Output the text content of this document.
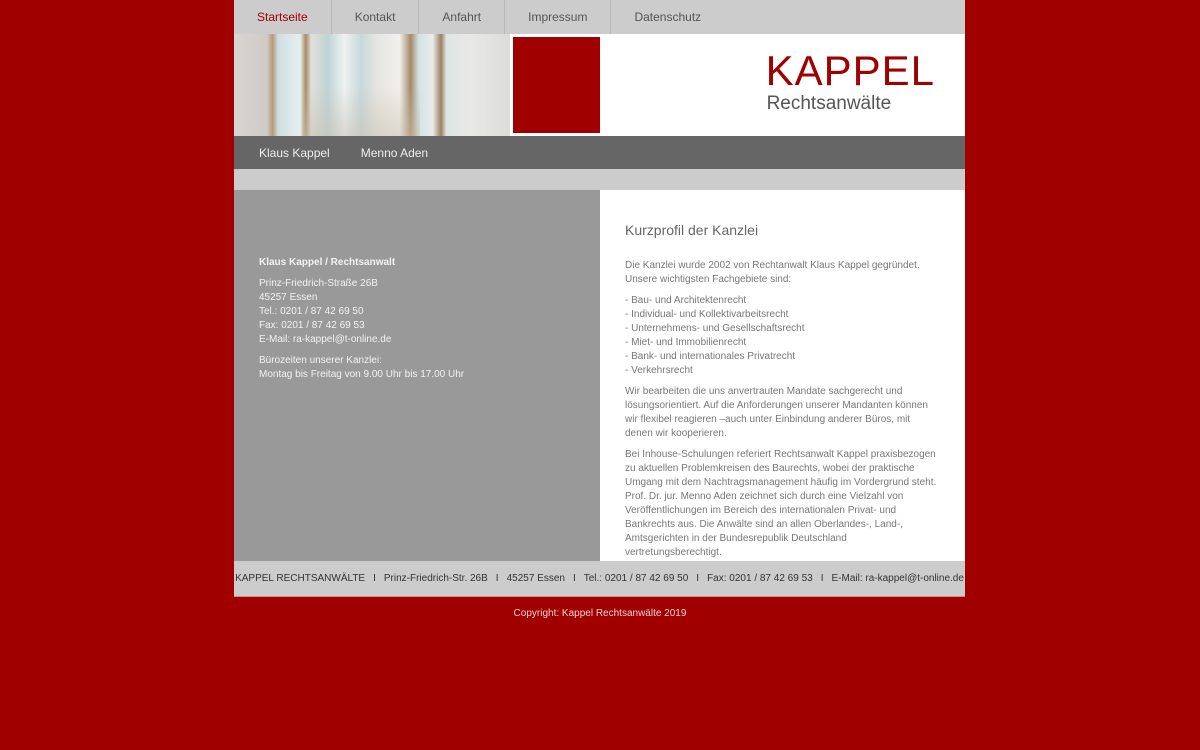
Startseite	Kontakt	Anfahrt	Impressum	Datenschutz
KAPPEL
Rechtsanwälte
Klaus Kappel	Menno Aden
Klaus Kappel / Rechtsanwalt

Prinz-Friedrich-Straße 26B
45257 Essen
Tel.: 0201 / 87 42 69 50
Fax: 0201 / 87 42 69 53
E-Mail: ra-kappel@t-online.de

Bürozeiten unserer Kanzlei:
Montag bis Freitag von 9.00 Uhr bis 17.00 Uhr

Kurzprofil der Kanzlei

Die Kanzlei wurde 2002 von Rechtanwalt Klaus Kappel gegründet.
Unsere wichtigsten Fachgebiete sind:

- Bau- und Architektenrecht
- Individual- und Kollektivarbeitsrecht
- Unternehmens- und Gesellschaftsrecht
- Miet- und Immobilienrecht
- Bank- und internationales Privatrecht
- Verkehrsrecht

Wir bearbeiten die uns anvertrauten Mandate sachgerecht und lösungsorientiert. Auf die Anforderungen unserer Mandanten können wir flexibel reagieren –auch unter Einbindung anderer Büros, mit denen wir kooperieren.

Bei Inhouse-Schulungen referiert Rechtsanwalt Kappel praxisbezogen zu aktuellen Problemkreisen des Baurechts, wobei der praktische Umgang mit dem Nachtragsmanagement häufig im Vordergrund steht. Prof. Dr. jur. Menno Aden zeichnet sich durch eine Vielzahl von Veröffentlichungen im Bereich des internationalen Privat- und Bankrechts aus. Die Anwälte sind an allen Oberlandes-, Land-, Amtsgerichten in der Bundesrepublik Deutschland vertretungsberechtigt.

KAPPEL RECHTSANWÄLTE I Prinz-Friedrich-Str. 26B I 45257 Essen I Tel.: 0201 / 87 42 69 50 I Fax: 0201 / 87 42 69 53 I E-Mail: ra-kappel@t-online.de
Copyright: Kappel Rechtsanwälte 2019
